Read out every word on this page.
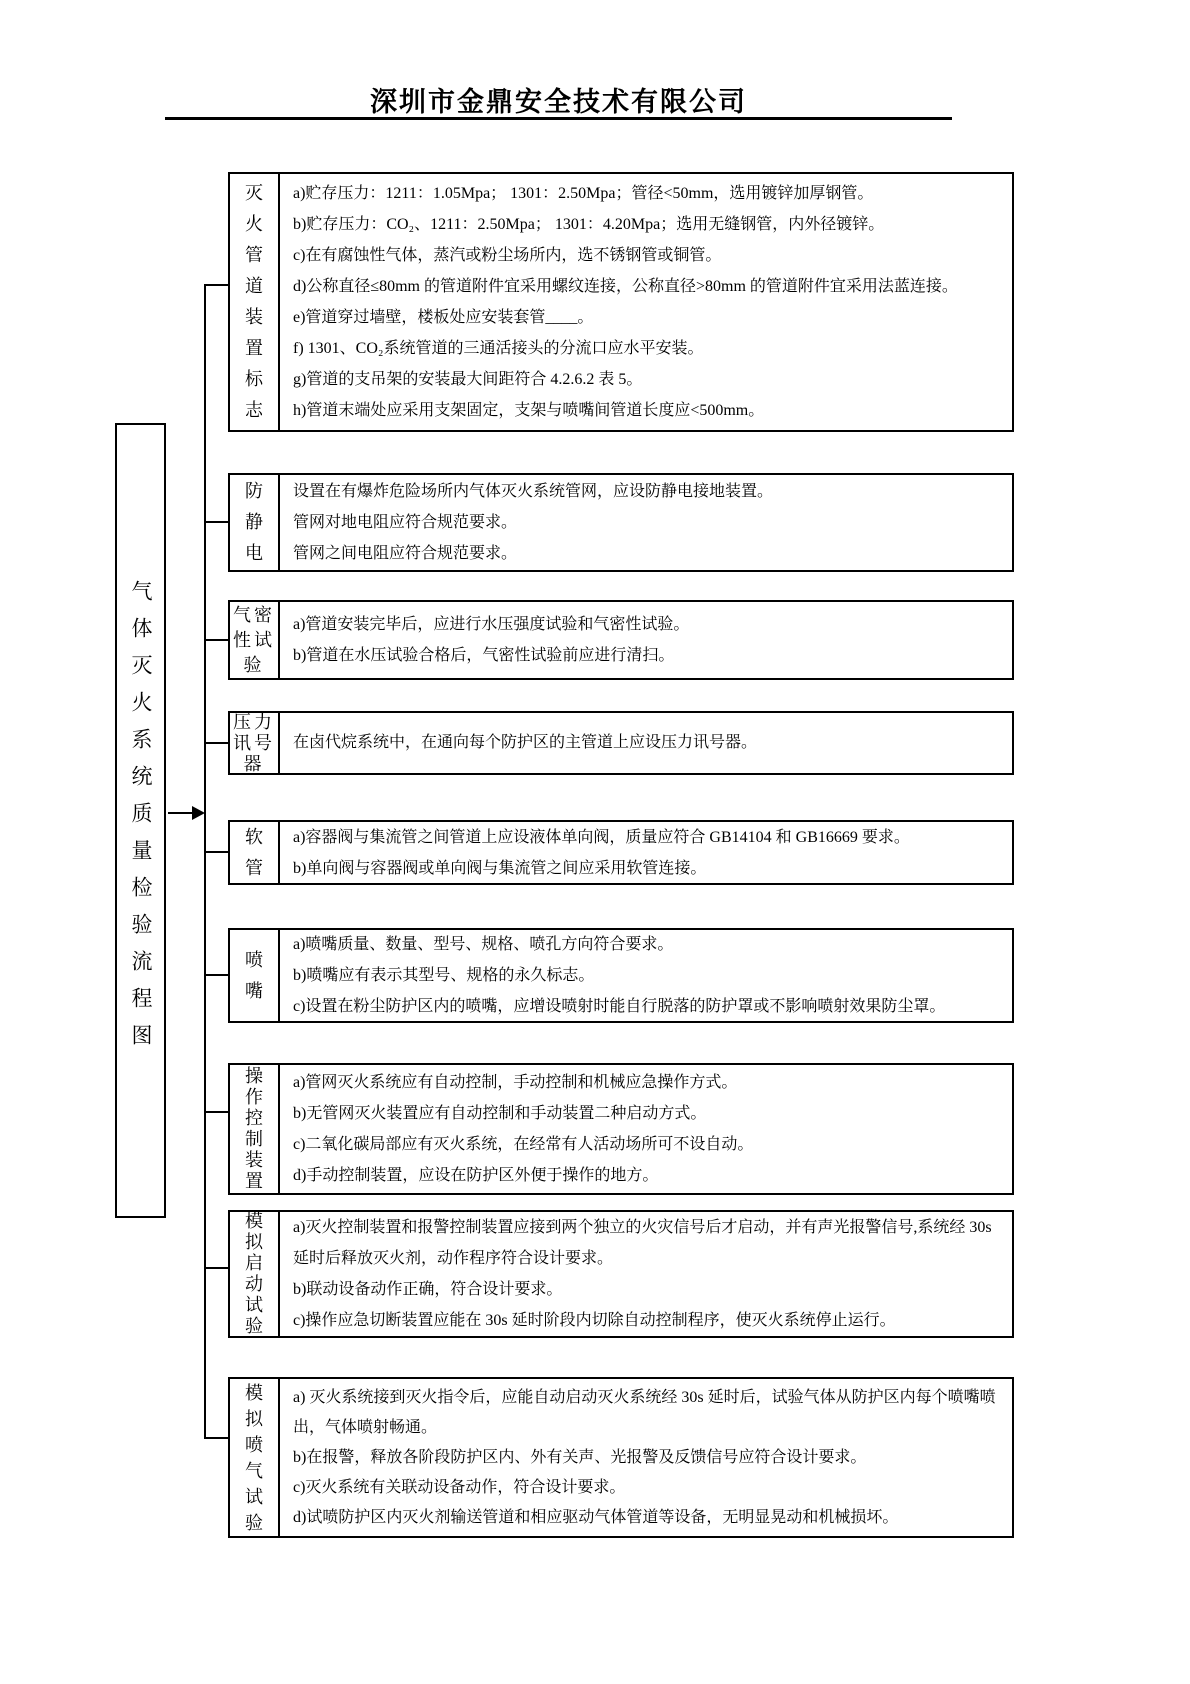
深圳市金鼎安全技术有限公司
气体灭火系统质量检验流程图
灭火管道装置标志
a)贮存压力：1211：1.05Mpa； 1301：2.50Mpa；管径<50mm，选用镀锌加厚钢管。
b)贮存压力：CO₂、1211：2.50Mpa； 1301：4.20Mpa；选用无缝钢管，内外径镀锌。
c)在有腐蚀性气体，蒸汽或粉尘场所内，选不锈钢管或铜管。
d)公称直径≤80mm 的管道附件宜采用螺纹连接，公称直径>80mm 的管道附件宜采用法蓝连接。
e)管道穿过墙壁，楼板处应安装套管____。
f) 1301、CO₂系统管道的三通活接头的分流口应水平安装。
g)管道的支吊架的安装最大间距符合 4.2.6.2 表 5。
h)管道末端处应采用支架固定，支架与喷嘴间管道长度应<500mm。
防静电
设置在有爆炸危险场所内气体灭火系统管网，应设防静电接地装置。
管网对地电阻应符合规范要求。
管网之间电阻应符合规范要求。
气密性试验
a)管道安装完毕后，应进行水压强度试验和气密性试验。
b)管道在水压试验合格后，气密性试验前应进行清扫。
压力讯号器
在卤代烷系统中，在通向每个防护区的主管道上应设压力讯号器。
软管
a)容器阀与集流管之间管道上应设液体单向阀，质量应符合 GB14104 和 GB16669 要求。
b)单向阀与容器阀或单向阀与集流管之间应采用软管连接。
喷嘴
a)喷嘴质量、数量、型号、规格、喷孔方向符合要求。
b)喷嘴应有表示其型号、规格的永久标志。
c)设置在粉尘防护区内的喷嘴，应增设喷射时能自行脱落的防护罩或不影响喷射效果防尘罩。
操作控制装置
a)管网灭火系统应有自动控制，手动控制和机械应急操作方式。
b)无管网灭火装置应有自动控制和手动装置二种启动方式。
c)二氧化碳局部应有灭火系统，在经常有人活动场所可不设自动。
d)手动控制装置，应设在防护区外便于操作的地方。
模拟启动试验
a)灭火控制装置和报警控制装置应接到两个独立的火灾信号后才启动，并有声光报警信号,系统经 30s 延时后释放灭火剂，动作程序符合设计要求。
b)联动设备动作正确，符合设计要求。
c)操作应急切断装置应能在 30s 延时阶段内切除自动控制程序，使灭火系统停止运行。
模拟喷气试验
a) 灭火系统接到灭火指令后，应能自动启动灭火系统经 30s 延时后，试验气体从防护区内每个喷嘴喷出，气体喷射畅通。
b)在报警，释放各阶段防护区内、外有关声、光报警及反馈信号应符合设计要求。
c)灭火系统有关联动设备动作，符合设计要求。
d)试喷防护区内灭火剂输送管道和相应驱动气体管道等设备，无明显晃动和机械损坏。
